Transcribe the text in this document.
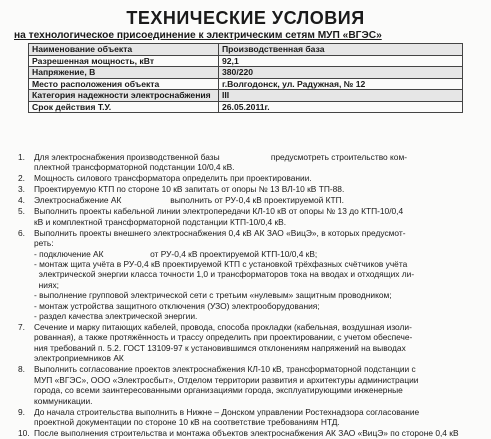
ТЕХНИЧЕСКИЕ УСЛОВИЯ
на технологическое присоединение к электрическим сетям МУП «ВГЭС»
Наименование объекта	Производственная база
Разрешенная мощность, кВт	92,1
Напряжение, В	380/220
Место расположения объекта	г.Волгодонск, ул. Радужная, № 12
Категория надежности электроснабжения	III
Срок действия Т.У.	26.05.2011г.
1.	Для электроснабжения производственной базы                      предусмотреть строительство ком-
плектной трансформаторной подстанции 10/0,4 кВ.
2.	Мощность силового трансформатора определить при проектировании.
3.	Проектируемую КТП по стороне 10 кВ запитать от опоры № 13 ВЛ-10 кВ ТП-88.
4.	Электроснабжение АК                     выполнить от РУ-0,4 кВ проектируемой КТП.
5.	Выполнить проекты кабельной линии электропередачи КЛ-10 кВ от опоры № 13 до КТП-10/0,4
кВ и комплектной трансформаторной подстанции КТП-10/0,4 кВ.
6.	Выполнить проекты внешнего электроснабжения 0,4 кВ АК ЗАО «ВицЭ», в которых предусмот-
реть:
- подключение АК                    от РУ-0,4 кВ проектируемой КТП-10/0,4 кВ;
- монтаж щита учёта в РУ-0,4 кВ проектируемой КТП с установкой трёхфазных счётчиков учёта
электрической энергии класса точности 1,0 и трансформаторов тока на вводах и отходящих ли-
ниях;
- выполнение групповой электрической сети с третьим «нулевым» защитным проводником;
- монтаж устройства защитного отключения (УЗО) электрооборудования;
- раздел качества электрической энергии.
7.	Сечение и марку питающих кабелей, провода, способа прокладки (кабельная, воздушная изоли-
рованная), а также протяжённость и трассу определить при проектировании, с учетом обеспече-
ния требований п. 5.2. ГОСТ 13109-97 к установившимся отклонениям напряжений на выводах
электроприемников АК
8.	Выполнить согласование проектов электроснабжения КЛ-10 кВ, трансформаторной подстанции с
МУП «ВГЭС», ООО «Электросбыт», Отделом территории развития и архитектуры администрации
города, со всеми заинтересованными организациями города, эксплуатирующими инженерные
коммуникации.
9.	До начала строительства выполнить в Нижне – Донском управлении Ростехнадзора согласование
проектной документации по стороне 10 кВ на соответствие требованиям НТД.
10. После выполнения строительства и монтажа объектов электроснабжения АК ЗАО «ВицЭ» по стороне 0,4 кВ
